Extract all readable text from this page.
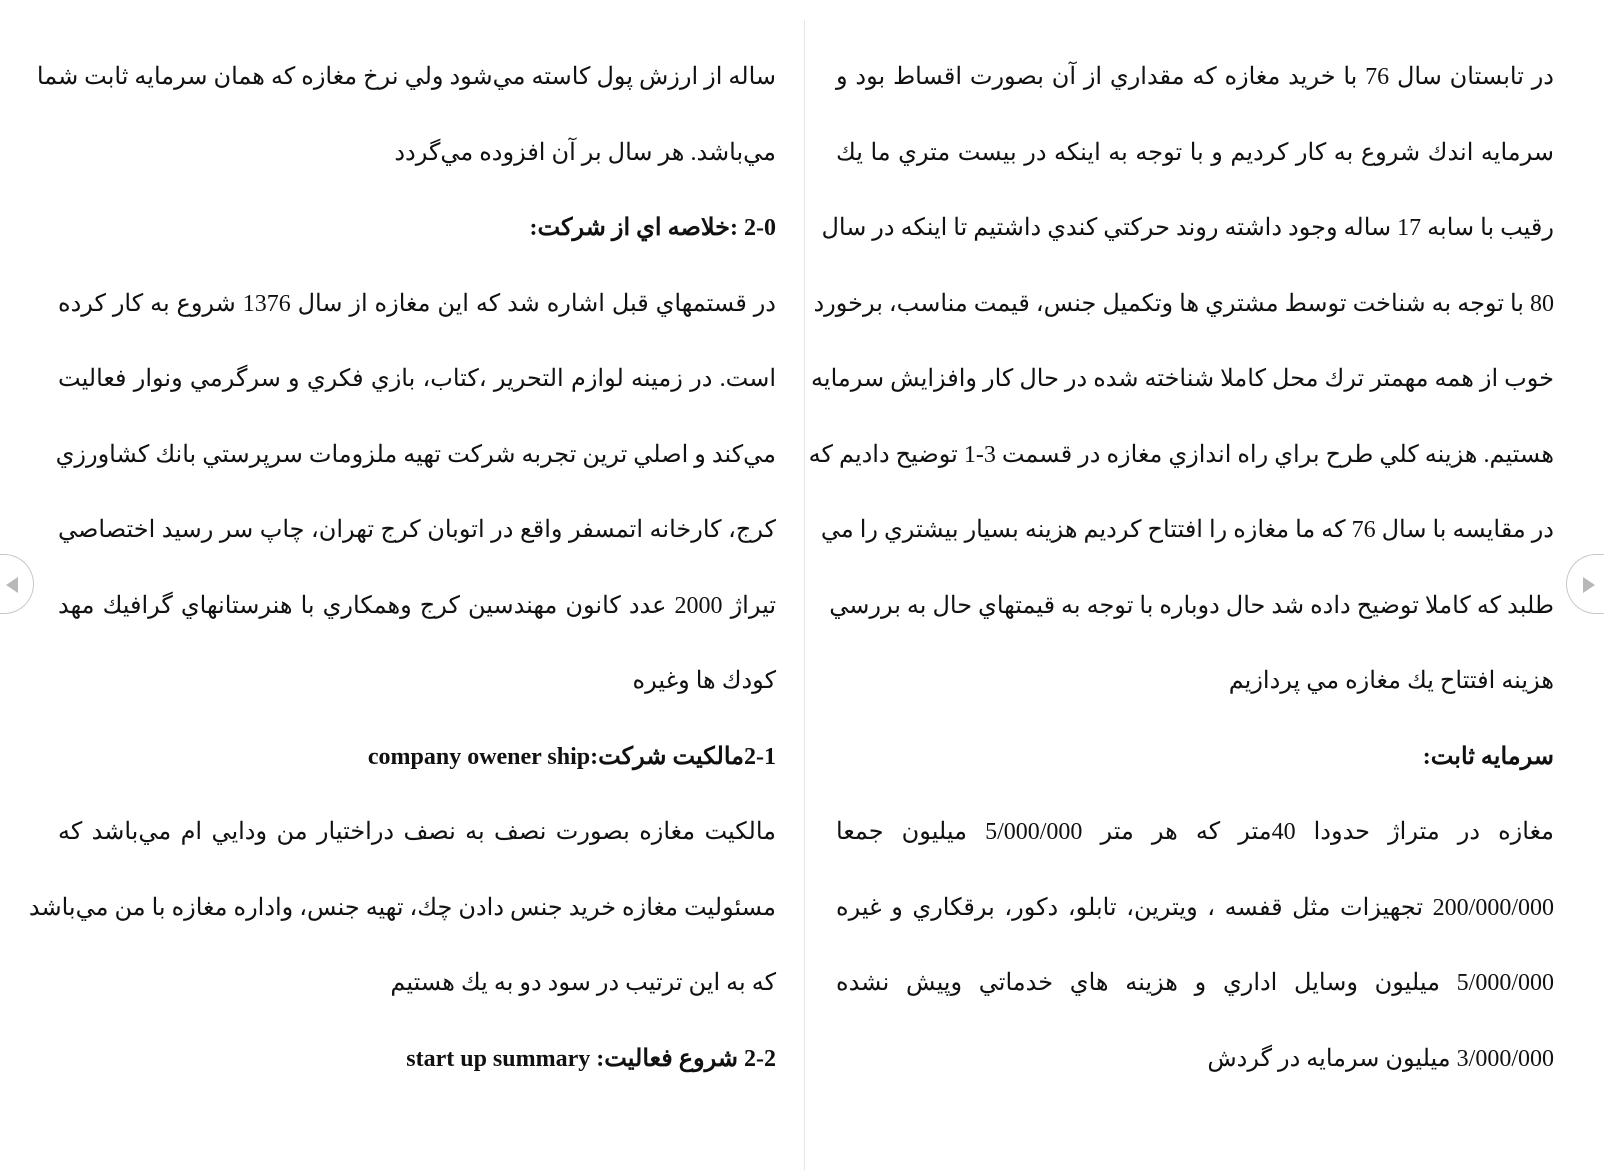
در تابستان سال 76 با خريد مغازه كه مقداري از آن بصورت اقساط بود و
سرمايه اندك شروع به كار كرديم و با توجه به اينكه در بيست متري ما يك
رقيب با سابه 17 ساله وجود داشته روند حركتي كندي داشتيم تا اينكه در سال
80 با توجه به شناخت توسط مشتري ها وتكميل جنس، قيمت مناسب، برخورد
خوب از همه مهمتر ترك محل كاملا شناخته شده در حال كار وافزايش سرمايه
هستيم. هزينه كلي طرح براي راه اندازي مغازه در قسمت 3-1 توضيح داديم كه
در مقايسه با سال 76 كه ما مغازه را افتتاح كرديم هزينه بسيار بيشتري را مي
طلبد كه كاملا توضيح داده شد حال دوباره با توجه به قيمتهاي حال به بررسي
هزينه افتتاح يك مغازه مي پردازيم
سرمايه ثابت:
مغازه در متراژ حدودا 40متر كه هر متر 5/000/000 ميليون جمعا
200/000/000 تجهيزات مثل قفسه ، ويترين، تابلو، دكور، برقكاري و غيره
5/000/000 ميليون وسايل اداري و هزينه هاي خدماتي وپيش نشده
3/000/000 ميليون سرمايه در گردش
ساله از ارزش پول كاسته مي‌شود ولي نرخ مغازه كه همان سرمايه ثابت شما
مي‌باشد. هر سال بر آن افزوده مي‌گردد
2-0 :خلاصه اي از شركت:
در قستمهاي قبل اشاره شد كه اين مغازه از سال 1376 شروع به كار كرده
است. در زمينه لوازم التحرير ،كتاب، بازي فكري و سرگرمي ونوار فعاليت
مي‌كند و اصلي ترين تجربه شركت تهيه ملزومات سرپرستي بانك كشاورزي
كرج، كارخانه اتمسفر واقع در اتوبان كرج تهران، چاپ سر رسيد اختصاصي
تيراژ 2000 عدد كانون مهندسين كرج وهمكاري با هنرستانهاي گرافيك مهد
كودك ها وغيره
2-1مالكيت شركت:company owener ship
مالكيت مغازه بصورت نصف به نصف دراختيار من ودايي ام مي‌باشد كه
مسئوليت مغازه خريد جنس دادن چك، تهيه جنس، واداره مغازه با من مي‌باشد
كه به اين ترتيب در سود دو به يك هستيم
2-2 شروع فعاليت: start up summary
